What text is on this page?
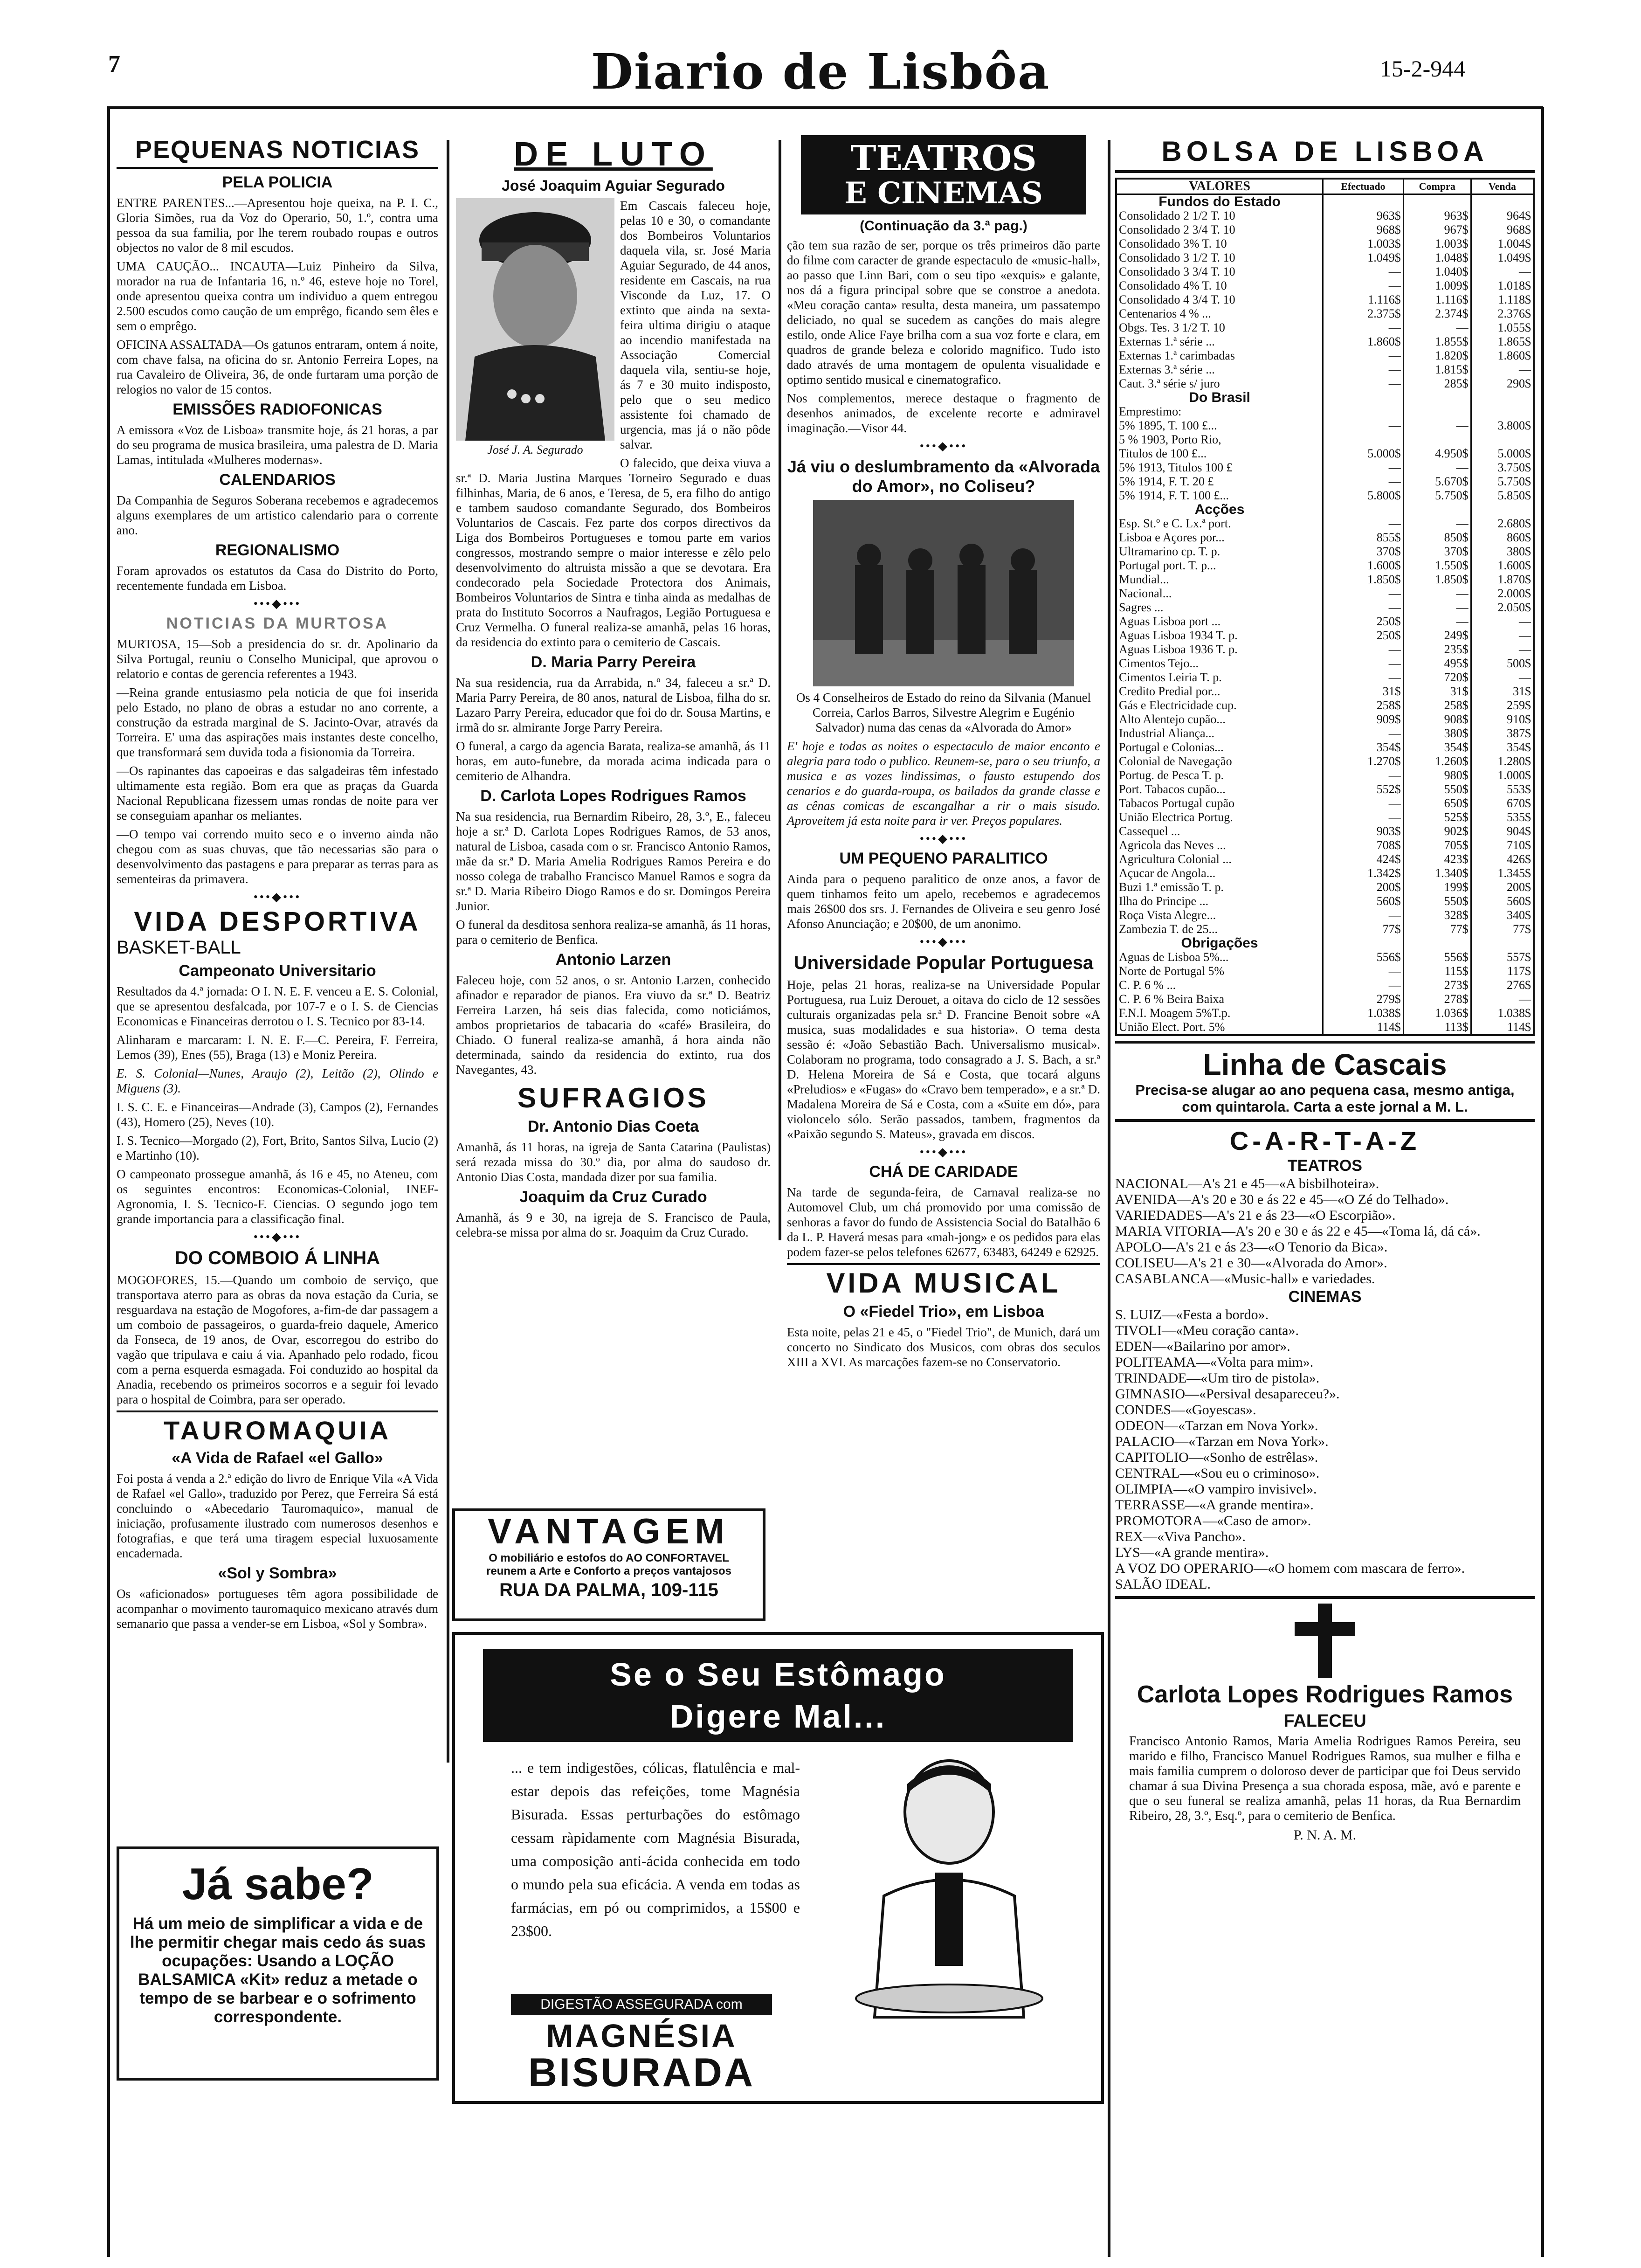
7	Diario de Lisbôa	15-2-944
PEQUENAS NOTICIAS
PELA POLICIA

ENTRE PARENTES...—Apresentou hoje queixa, na P. I. C., Gloria Simões, rua da Voz do Operario, 50, 1.º, contra uma pessoa da sua familia, por lhe terem roubado roupas e outros objectos no valor de 8 mil escudos.

UMA CAUÇÃO... INCAUTA—Luiz Pinheiro da Silva, morador na rua de Infantaria 16, n.º 46, esteve hoje no Torel, onde apresentou queixa contra um individuo a quem entregou 2.500 escudos como caução de um emprêgo, ficando sem êles e sem o emprêgo.

OFICINA ASSALTADA—Os gatunos entraram, ontem á noite, com chave falsa, na oficina do sr. Antonio Ferreira Lopes, na rua Cavaleiro de Oliveira, 36, de onde furtaram uma porção de relogios no valor de 15 contos.

EMISSÕES RADIOFONICAS

A emissora «Voz de Lisboa» transmite hoje, ás 21 horas, a par do seu programa de musica brasileira, uma palestra de D. Maria Lamas, intitulada «Mulheres modernas».

CALENDARIOS

Da Companhia de Seguros Soberana recebemos e agradecemos alguns exemplares de um artistico calendario para o corrente ano.

REGIONALISMO

Foram aprovados os estatutos da Casa do Distrito do Porto, recentemente fundada em Lisboa.

•••◆•••
NOTICIAS DA MURTOSA

MURTOSA, 15—Sob a presidencia do sr. dr. Apolinario da Silva Portugal, reuniu o Conselho Municipal, que aprovou o relatorio e contas de gerencia referentes a 1943.

—Reina grande entusiasmo pela noticia de que foi inserida pelo Estado, no plano de obras a estudar no ano corrente, a construção da estrada marginal de S. Jacinto-Ovar, através da Torreira. E' uma das aspirações mais instantes deste concelho, que transformará sem duvida toda a fisionomia da Torreira.

—Os rapinantes das capoeiras e das salgadeiras têm infestado ultimamente esta região. Bom era que as praças da Guarda Nacional Republicana fizessem umas rondas de noite para ver se conseguiam apanhar os meliantes.

—O tempo vai correndo muito seco e o inverno ainda não chegou com as suas chuvas, que tão necessarias são para o desenvolvimento das pastagens e para preparar as terras para as sementeiras da primavera.

•••◆•••
VIDA DESPORTIVA
BASKET-BALL
Campeonato Universitario

Resultados da 4.ª jornada: O I. N. E. F. venceu a E. S. Colonial, que se apresentou desfalcada, por 107-7 e o I. S. de Ciencias Economicas e Financeiras derrotou o I. S. Tecnico por 83-14.

Alinharam e marcaram: I. N. E. F.—C. Pereira, F. Ferreira, Lemos (39), Enes (55), Braga (13) e Moniz Pereira.

E. S. Colonial—Nunes, Araujo (2), Leitão (2), Olindo e Miguens (3).

I. S. C. E. e Financeiras—Andrade (3), Campos (2), Fernandes (43), Homero (25), Neves (10).

I. S. Tecnico—Morgado (2), Fort, Brito, Santos Silva, Lucio (2) e Martinho (10).

O campeonato prossegue amanhã, ás 16 e 45, no Ateneu, com os seguintes encontros: Economicas-Colonial, INEF-Agronomia, I. S. Tecnico-F. Ciencias. O segundo jogo tem grande importancia para a classificação final.

•••◆•••
DO COMBOIO Á LINHA

MOGOFORES, 15.—Quando um comboio de serviço, que transportava aterro para as obras da nova estação da Curia, se resguardava na estação de Mogofores, a-fim-de dar passagem a um comboio de passageiros, o guarda-freio daquele, Americo da Fonseca, de 19 anos, de Ovar, escorregou do estribo do vagão que tripulava e caiu á via. Apanhado pelo rodado, ficou com a perna esquerda esmagada. Foi conduzido ao hospital da Anadia, recebendo os primeiros socorros e a seguir foi levado para o hospital de Coimbra, para ser operado.

TAUROMAQUIA
«A Vida de Rafael «el Gallo»

Foi posta á venda a 2.ª edição do livro de Enrique Vila «A Vida de Rafael «el Gallo», traduzido por Perez, que Ferreira Sá está concluindo o «Abecedario Tauromaquico», manual de iniciação, profusamente ilustrado com numerosos desenhos e fotografias, e que terá uma tiragem especial luxuosamente encadernada.

«Sol y Sombra»

Os «aficionados» portugueses têm agora possibilidade de acompanhar o movimento tauromaquico mexicano através dum semanario que passa a vender-se em Lisboa, «Sol y Sombra».

Já sabe?
Há um meio de simplificar a vida e de lhe permitir chegar mais cedo ás suas ocupações: Usando a LOÇÃO BALSAMICA «Kit» reduz a metade o tempo de se barbear e o sofrimento correspondente.
DE LUTO
José Joaquim Aguiar Segurado
José J. A. Segurado

Em Cascais faleceu hoje, pelas 10 e 30, o comandante dos Bombeiros Voluntarios daquela vila, sr. José Maria Aguiar Segurado, de 44 anos, residente em Cascais, na rua Visconde da Luz, 17. O extinto que ainda na sexta-feira ultima dirigiu o ataque ao incendio manifestada na Associação Comercial daquela vila, sentiu-se hoje, ás 7 e 30 muito indisposto, pelo que o seu medico assistente foi chamado de urgencia, mas já o não pôde salvar.

O falecido, que deixa viuva a sr.ª D. Maria Justina Marques Torneiro Segurado e duas filhinhas, Maria, de 6 anos, e Teresa, de 5, era filho do antigo e tambem saudoso comandante Segurado, dos Bombeiros Voluntarios de Cascais. Fez parte dos corpos directivos da Liga dos Bombeiros Portugueses e tomou parte em varios congressos, mostrando sempre o maior interesse e zêlo pelo desenvolvimento do altruista missão a que se devotara. Era condecorado pela Sociedade Protectora dos Animais, Bombeiros Voluntarios de Sintra e tinha ainda as medalhas de prata do Instituto Socorros a Naufragos, Legião Portuguesa e Cruz Vermelha. O funeral realiza-se amanhã, pelas 16 horas, da residencia do extinto para o cemiterio de Cascais.

D. Maria Parry Pereira

Na sua residencia, rua da Arrabida, n.º 34, faleceu a sr.ª D. Maria Parry Pereira, de 80 anos, natural de Lisboa, filha do sr. Lazaro Parry Pereira, educador que foi do dr. Sousa Martins, e irmã do sr. almirante Jorge Parry Pereira.

O funeral, a cargo da agencia Barata, realiza-se amanhã, ás 11 horas, em auto-funebre, da morada acima indicada para o cemiterio de Alhandra.

D. Carlota Lopes Rodrigues Ramos

Na sua residencia, rua Bernardim Ribeiro, 28, 3.º, E., faleceu hoje a sr.ª D. Carlota Lopes Rodrigues Ramos, de 53 anos, natural de Lisboa, casada com o sr. Francisco Antonio Ramos, mãe da sr.ª D. Maria Amelia Rodrigues Ramos Pereira e do nosso colega de trabalho Francisco Manuel Ramos e sogra da sr.ª D. Maria Ribeiro Diogo Ramos e do sr. Domingos Pereira Junior.

O funeral da desditosa senhora realiza-se amanhã, ás 11 horas, para o cemiterio de Benfica.

Antonio Larzen

Faleceu hoje, com 52 anos, o sr. Antonio Larzen, conhecido afinador e reparador de pianos. Era viuvo da sr.ª D. Beatriz Ferreira Larzen, há seis dias falecida, como noticiámos, ambos proprietarios de tabacaria do «café» Brasileira, do Chiado. O funeral realiza-se amanhã, á hora ainda não determinada, saindo da residencia do extinto, rua dos Navegantes, 43.

SUFRAGIOS
Dr. Antonio Dias Coeta

Amanhã, ás 11 horas, na igreja de Santa Catarina (Paulistas) será rezada missa do 30.º dia, por alma do saudoso dr. Antonio Dias Costa, mandada dizer por sua familia.

Joaquim da Cruz Curado

Amanhã, ás 9 e 30, na igreja de S. Francisco de Paula, celebra-se missa por alma do sr. Joaquim da Cruz Curado.

VANTAGEM
O mobiliário e estofos do AO CONFORTAVEL reunem a Arte e Conforto a preços vantajosos
RUA DA PALMA, 109-115
TEATROS
E CINEMAS
(Continuação da 3.ª pag.)

ção tem sua razão de ser, porque os três primeiros dão parte do filme com caracter de grande espectaculo de «music-hall», ao passo que Linn Bari, com o seu tipo «exquis» e galante, nos dá a figura principal sobre que se constroe a anedota. «Meu coração canta» resulta, desta maneira, um passatempo deliciado, no qual se sucedem as canções do mais alegre estilo, onde Alice Faye brilha com a sua voz forte e clara, em quadros de grande beleza e colorido magnifico. Tudo isto dado através de uma montagem de opulenta visualidade e optimo sentido musical e cinematografico.

Nos complementos, merece destaque o fragmento de desenhos animados, de excelente recorte e admiravel imaginação.—Visor 44.

•••◆•••
Já viu o deslumbramento da «Alvorada do Amor», no Coliseu?

Os 4 Conselheiros de Estado do reino da Silvania (Manuel Correia, Carlos Barros, Silvestre Alegrim e Eugénio Salvador) numa das cenas da «Alvorada do Amor»

E' hoje e todas as noites o espectaculo de maior encanto e alegria para todo o publico. Reunem-se, para o seu triunfo, a musica e as vozes lindissimas, o fausto estupendo dos cenarios e do guarda-roupa, os bailados da grande classe e as cênas comicas de escangalhar a rir o mais sisudo. Aproveitem já esta noite para ir ver. Preços populares.

•••◆•••
UM PEQUENO PARALITICO

Ainda para o pequeno paralitico de onze anos, a favor de quem tinhamos feito um apelo, recebemos e agradecemos mais 26$00 dos srs. J. Fernandes de Oliveira e seu genro José Afonso Anunciação; e 20$00, de um anonimo.

•••◆•••
Universidade Popular Portuguesa

Hoje, pelas 21 horas, realiza-se na Universidade Popular Portuguesa, rua Luiz Derouet, a oitava do ciclo de 12 sessões culturais organizadas pela sr.ª D. Francine Benoit sobre «A musica, suas modalidades e sua historia». O tema desta sessão é: «João Sebastião Bach. Universalismo musical». Colaboram no programa, todo consagrado a J. S. Bach, a sr.ª D. Helena Moreira de Sá e Costa, que tocará alguns «Preludios» e «Fugas» do «Cravo bem temperado», e a sr.ª D. Madalena Moreira de Sá e Costa, com a «Suite em dó», para violoncelo sólo. Serão passados, tambem, fragmentos da «Paixão segundo S. Mateus», gravada em discos.

•••◆•••
CHÁ DE CARIDADE

Na tarde de segunda-feira, de Carnaval realiza-se no Automovel Club, um chá promovido por uma comissão de senhoras a favor do fundo de Assistencia Social do Batalhão 6 da L. P. Haverá mesas para «mah-jong» e os pedidos para elas podem fazer-se pelos telefones 62677, 63483, 64249 e 62925.

VIDA MUSICAL
O «Fiedel Trio», em Lisboa

Esta noite, pelas 21 e 45, o "Fiedel Trio", de Munich, dará um concerto no Sindicato dos Musicos, com obras dos seculos XIII a XVI. As marcações fazem-se no Conservatorio.

Se o Seu Estômago Digere Mal...
... e tem indigestões, cólicas, flatulência e mal-estar depois das refeições, tome Magnésia Bisurada. Essas perturbações do estômago cessam ràpidamente com Magnésia Bisurada, uma composição anti-ácida conhecida em todo o mundo pela sua eficácia. A venda em todas as farmácias, em pó ou comprimidos, a 15$00 e 23$00.
DIGESTÃO ASSEGURADA com
MAGNÉSIA
BISURADA
BOLSA DE LISBOA
VALORES	Efectuado	Compra	Venda
Fundos do Estado			
Consolidado 2 1/2 T. 10	963$	963$	964$
Consolidado 2 3/4 T. 10	968$	967$	968$
Consolidado 3% T. 10	1.003$	1.003$	1.004$
Consolidado 3 1/2 T. 10	1.049$	1.048$	1.049$
Consolidado 3 3/4 T. 10	—	1.040$	—
Consolidado 4% T. 10	—	1.009$	1.018$
Consolidado 4 3/4 T. 10	1.116$	1.116$	1.118$
Centenarios 4 % ...	2.375$	2.374$	2.376$
Obgs. Tes. 3 1/2 T. 10	—	—	1.055$
Externas 1.ª série ...	1.860$	1.855$	1.865$
Externas 1.ª carimbadas	—	1.820$	1.860$
Externas 3.ª série ...	—	1.815$	—
Caut. 3.ª série s/ juro	—	285$	290$
Do Brasil			
Emprestimo:			
5% 1895, T. 100 £...	—	—	3.800$
5 % 1903, Porto Rio,			
Titulos de 100 £...	5.000$	4.950$	5.000$
5% 1913, Titulos 100 £	—	—	3.750$
5% 1914, F. T. 20 £	—	5.670$	5.750$
5% 1914, F. T. 100 £...	5.800$	5.750$	5.850$
Acções			
Esp. St.º e C. Lx.ª port.	—	—	2.680$
Lisboa e Açores por...	855$	850$	860$
Ultramarino cp. T. p.	370$	370$	380$
Portugal port. T. p...	1.600$	1.550$	1.600$
Mundial...	1.850$	1.850$	1.870$
Nacional...	—	—	2.000$
Sagres ...	—	—	2.050$
Aguas Lisboa port ...	250$	—	—
Aguas Lisboa 1934 T. p.	250$	249$	—
Aguas Lisboa 1936 T. p.	—	235$	—
Cimentos Tejo...	—	495$	500$
Cimentos Leiria T. p.	—	720$	—
Credito Predial por...	31$	31$	31$
Gás e Electricidade cup.	258$	258$	259$
Alto Alentejo cupão...	909$	908$	910$
Industrial Aliança...	—	380$	387$
Portugal e Colonias...	354$	354$	354$
Colonial de Navegação	1.270$	1.260$	1.280$
Portug. de Pesca T. p.	—	980$	1.000$
Port. Tabacos cupão...	552$	550$	553$
Tabacos Portugal cupão	—	650$	670$
União Electrica Portug.	—	525$	535$
Cassequel ...	903$	902$	904$
Agricola das Neves ...	708$	705$	710$
Agricultura Colonial ...	424$	423$	426$
Açucar de Angola...	1.342$	1.340$	1.345$
Buzi 1.ª emissão T. p.	200$	199$	200$
Ilha do Principe ...	560$	550$	560$
Roça Vista Alegre...	—	328$	340$
Zambezia T. de 25...	77$	77$	77$
Obrigações			
Aguas de Lisboa 5%...	556$	556$	557$
Norte de Portugal 5%	—	115$	117$
C. P. 6 % ...	—	273$	276$
C. P. 6 % Beira Baixa	279$	278$	—
F.N.I. Moagem 5%T.p.	1.038$	1.036$	1.038$
União Elect. Port. 5%	114$	113$	114$
Linha de Cascais
Precisa-se alugar ao ano pequena casa, mesmo antiga, com quintarola. Carta a este jornal a M. L.
C-A-R-T-A-Z
TEATROS

NACIONAL—A's 21 e 45—«A bisbilhoteira».

AVENIDA—A's 20 e 30 e ás 22 e 45—«O Zé do Telhado».

VARIEDADES—A's 21 e ás 23—«O Escorpião».

MARIA VITORIA—A's 20 e 30 e ás 22 e 45—«Toma lá, dá cá».

APOLO—A's 21 e ás 23—«O Tenorio da Bica».

COLISEU—A's 21 e 30—«Alvorada do Amor».

CASABLANCA—«Music-hall» e variedades.

CINEMAS

S. LUIZ—«Festa a bordo».

TIVOLI—«Meu coração canta».

EDEN—«Bailarino por amor».

POLITEAMA—«Volta para mim».

TRINDADE—«Um tiro de pistola».

GIMNASIO—«Persival desapareceu?».

CONDES—«Goyescas».

ODEON—«Tarzan em Nova York».

PALACIO—«Tarzan em Nova York».

CAPITOLIO—«Sonho de estrêlas».

CENTRAL—«Sou eu o criminoso».

OLIMPIA—«O vampiro invisivel».

TERRASSE—«A grande mentira».

PROMOTORA—«Caso de amor».

REX—«Viva Pancho».

LYS—«A grande mentira».

A VOZ DO OPERARIO—«O homem com mascara de ferro».

SALÃO IDEAL.

Carlota Lopes Rodrigues Ramos
FALECEU

Francisco Antonio Ramos, Maria Amelia Rodrigues Ramos Pereira, seu marido e filho, Francisco Manuel Rodrigues Ramos, sua mulher e filha e mais familia cumprem o doloroso dever de participar que foi Deus servido chamar á sua Divina Presença a sua chorada esposa, mãe, avó e parente e que o seu funeral se realiza amanhã, pelas 11 horas, da Rua Bernardim Ribeiro, 28, 3.º, Esq.º, para o cemiterio de Benfica.

P. N. A. M.
